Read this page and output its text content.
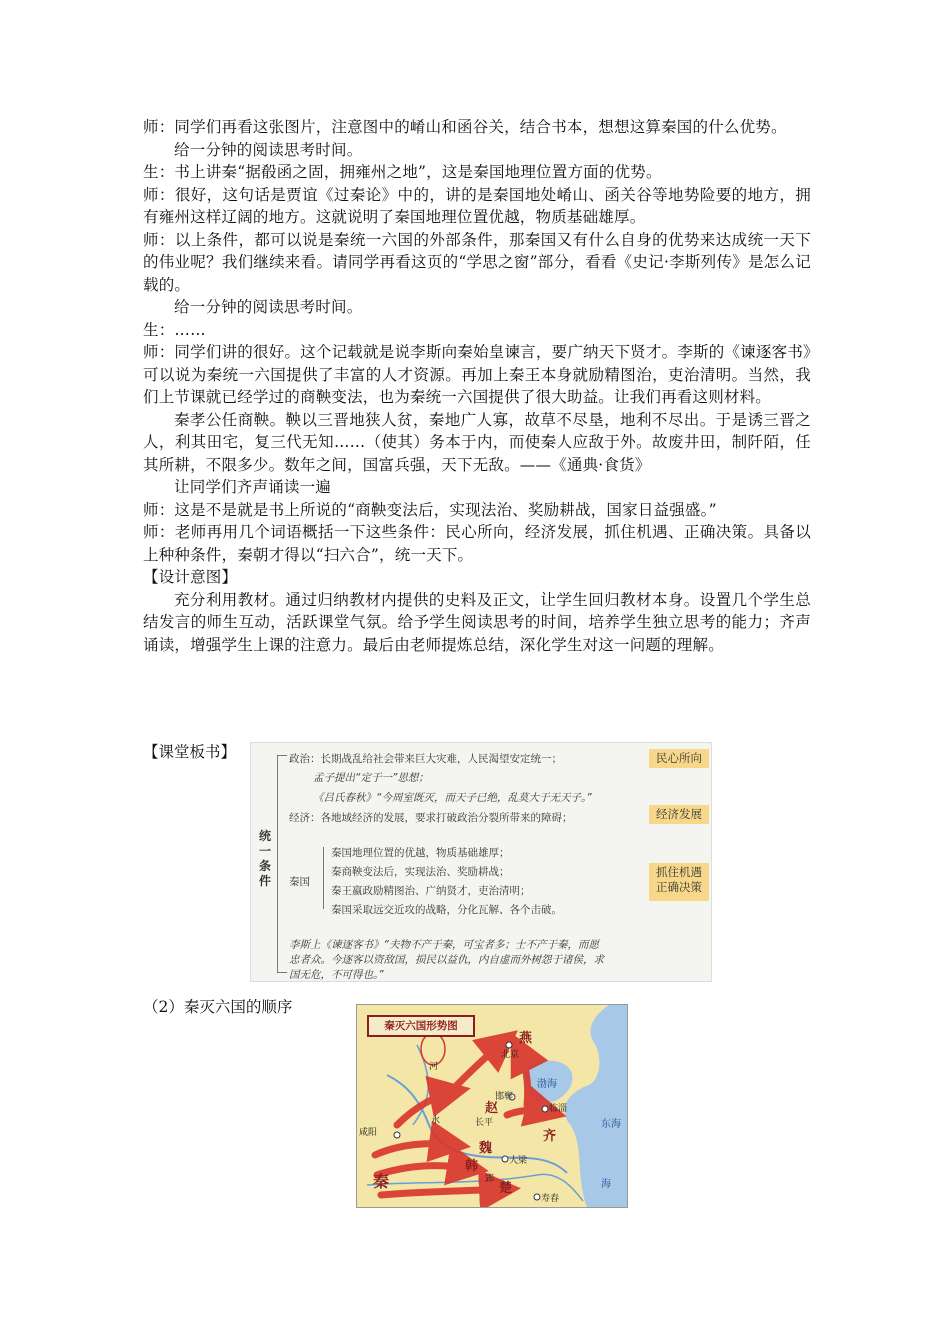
师：同学们再看这张图片，注意图中的崤山和函谷关，结合书本，想想这算秦国的什么优势。

给一分钟的阅读思考时间。

生：书上讲秦“据殽函之固，拥雍州之地”，这是秦国地理位置方面的优势。

师：很好，这句话是贾谊《过秦论》中的，讲的是秦国地处崤山、函关谷等地势险要的地方，拥有雍州这样辽阔的地方。这就说明了秦国地理位置优越，物质基础雄厚。

师：以上条件，都可以说是秦统一六国的外部条件，那秦国又有什么自身的优势来达成统一天下的伟业呢？我们继续来看。请同学再看这页的“学思之窗”部分，看看《史记·李斯列传》是怎么记载的。

给一分钟的阅读思考时间。

生：……

师：同学们讲的很好。这个记载就是说李斯向秦始皇谏言，要广纳天下贤才。李斯的《谏逐客书》可以说为秦统一六国提供了丰富的人才资源。再加上秦王本身就励精图治，吏治清明。当然，我们上节课就已经学过的商鞅变法，也为秦统一六国提供了很大助益。让我们再看这则材料。

秦孝公任商鞅。鞅以三晋地狭人贫，秦地广人寡，故草不尽垦，地利不尽出。于是诱三晋之人，利其田宅，复三代无知……（使其）务本于内，而使秦人应敌于外。故废井田，制阡陌，任其所耕，不限多少。数年之间，国富兵强，天下无敌。——《通典·食货》

让同学们齐声诵读一遍

师：这是不是就是书上所说的“商鞅变法后，实现法治、奖励耕战，国家日益强盛。”

师：老师再用几个词语概括一下这些条件：民心所向，经济发展，抓住机遇、正确决策。具备以上种种条件，秦朝才得以“扫六合”，统一天下。

【设计意图】

充分利用教材。通过归纳教材内提供的史料及正文，让学生回归教材本身。设置几个学生总结发言的师生互动，活跃课堂气氛。给予学生阅读思考的时间，培养学生独立思考的能力；齐声诵读，增强学生上课的注意力。最后由老师提炼总结，深化学生对这一问题的理解。

【课堂板书】
统
一
条
件
政治：长期战乱给社会带来巨大灾难，人民渴望安定统一；
孟子提出“定于一”思想；
《吕氏春秋》“今周室既灭，而天子已绝，乱莫大于无天子。”
经济：各地域经济的发展，要求打破政治分裂所带来的障碍；
秦国
秦国地理位置的优越，物质基础雄厚；
秦商鞅变法后，实现法治、奖励耕战；
秦王嬴政励精图治、广纳贤才，吏治清明；
秦国采取远交近攻的战略，分化瓦解、各个击破。
李斯上《谏逐客书》“夫物不产于秦，可宝者多；士不产于秦，而愿
忠者众。今逐客以资敌国，损民以益仇，内自虚而外树怨于诸侯，求
国无危，不可得也。”
民心所向
经济发展
抓住机遇
正确决策
（2）秦灭六国的顺序
秦灭六国形势图
燕
北京
赵
邯郸
临淄
齐
长平
韩
魏
大梁
郢
楚
寿春
秦
咸阳
河
水
渤海
东海
海
